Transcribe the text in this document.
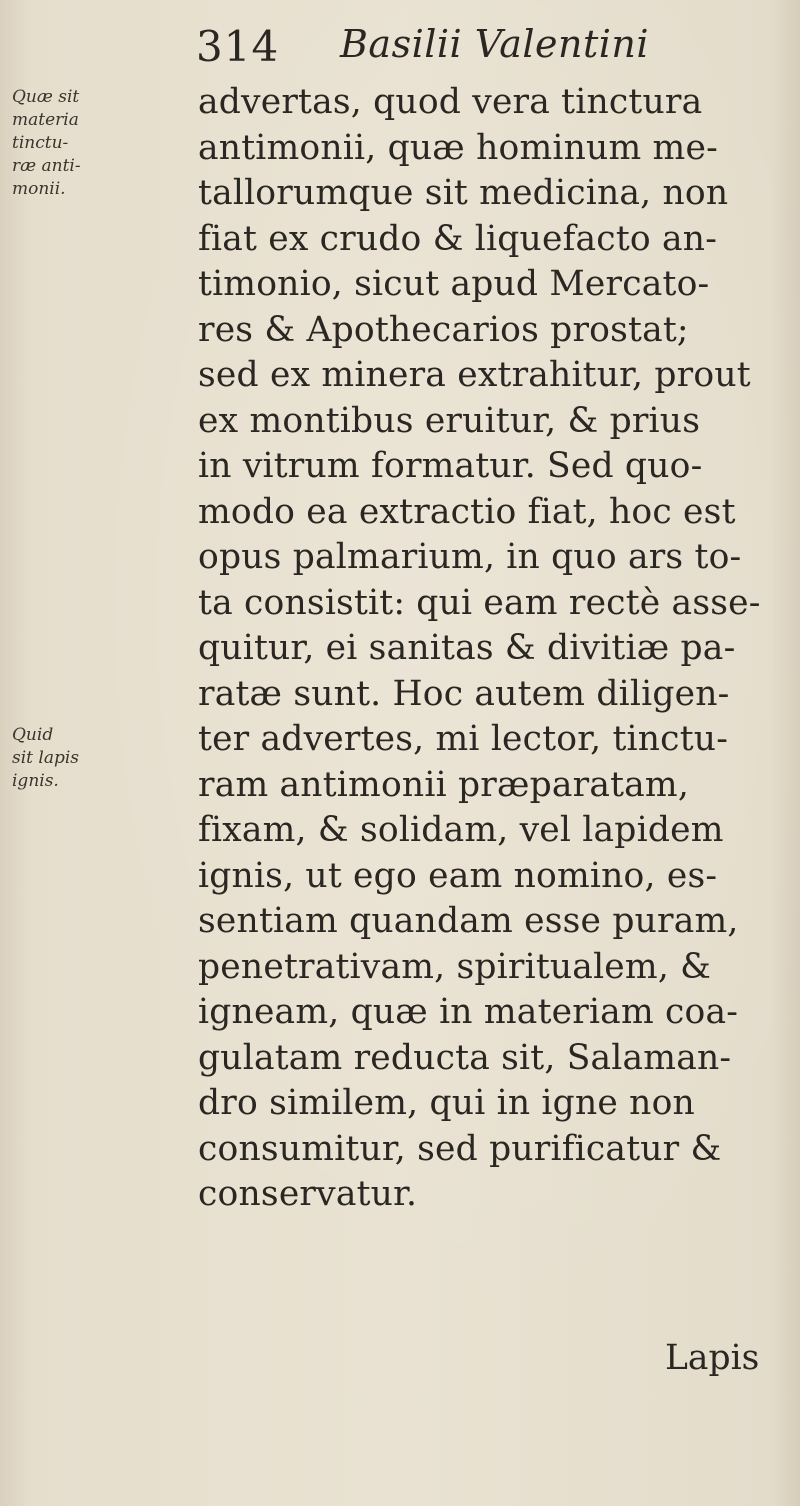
314 Basilii Valentini
Quæ sit
materia
tinctu-
ræ anti-
monii.
Quid
sit lapis
ignis.
advertas, quod vera tinctura
antimonii, quæ hominum me-
tallorumque sit medicina, non
fiat ex crudo & liquefacto an-
timonio, sicut apud Mercato-
res & Apothecarios prostat;
sed ex minera extrahitur, prout
ex montibus eruitur, & prius
in vitrum formatur. Sed quo-
modo ea extractio fiat, hoc est
opus palmarium, in quo ars to-
ta consistit: qui eam rectè asse-
quitur, ei sanitas & divitiæ pa-
ratæ sunt. Hoc autem diligen-
ter advertes, mi lector, tinctu-
ram antimonii præparatam,
fixam, & solidam, vel lapidem
ignis, ut ego eam nomino, es-
sentiam quandam esse puram,
penetrativam, spiritualem, &
igneam, quæ in materiam coa-
gulatam reducta sit, Salaman-
dro similem, qui in igne non
consumitur, sed purificatur &
conservatur.
Lapis
